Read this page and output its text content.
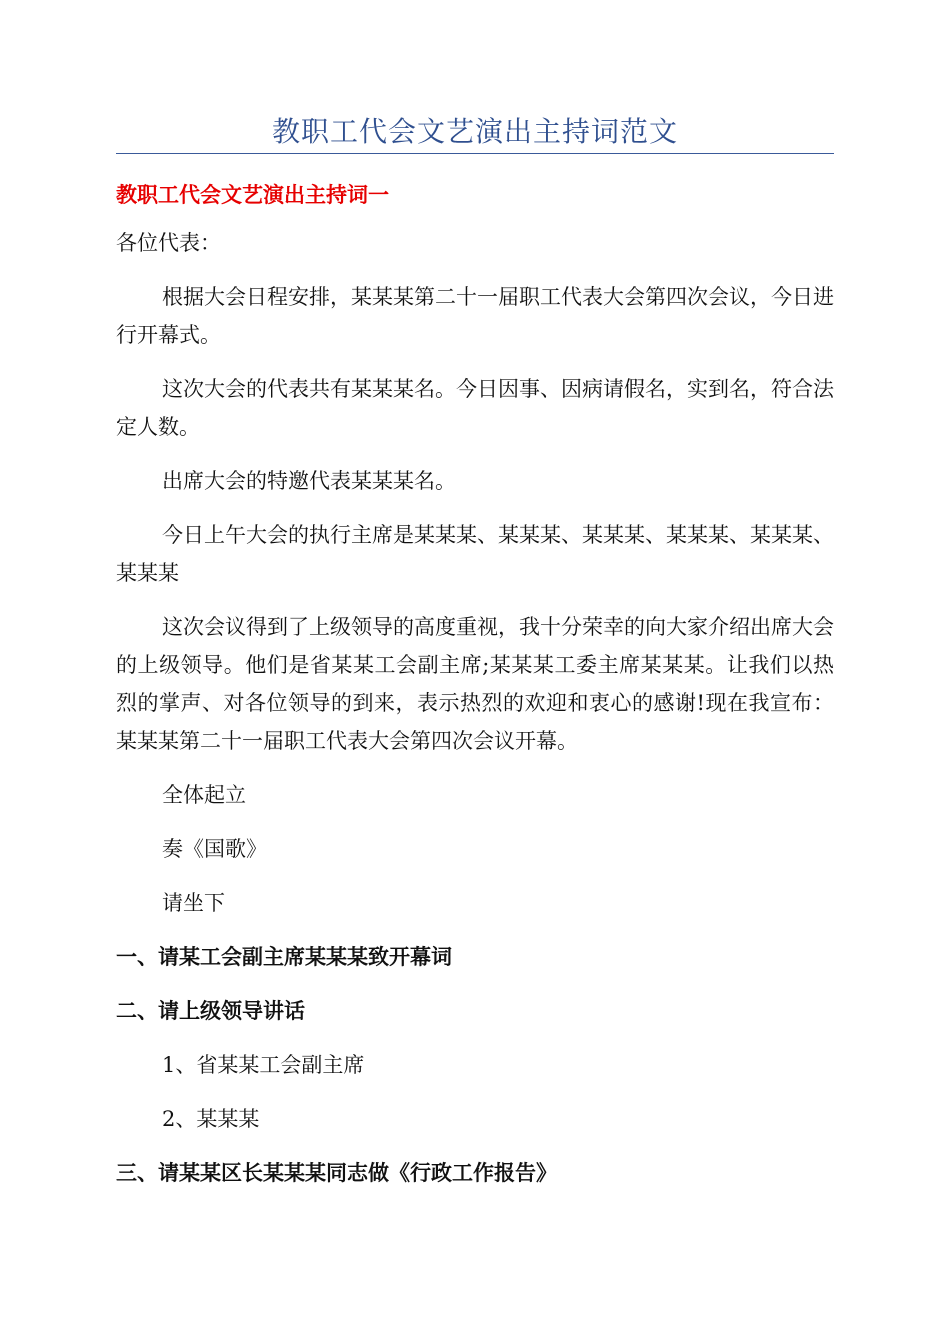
教职工代会文艺演出主持词范文
教职工代会文艺演出主持词一
各位代表：
根据大会日程安排，某某某第二十一届职工代表大会第四次会议，今日进行开幕式。
这次大会的代表共有某某某名。今日因事、因病请假名，实到名，符合法定人数。
出席大会的特邀代表某某某名。
今日上午大会的执行主席是某某某、某某某、某某某、某某某、某某某、某某某
这次会议得到了上级领导的高度重视，我十分荣幸的向大家介绍出席大会的上级领导。他们是省某某工会副主席;某某某工委主席某某某。让我们以热烈的掌声、对各位领导的到来，表示热烈的欢迎和衷心的感谢!现在我宣布：某某某第二十一届职工代表大会第四次会议开幕。
全体起立
奏《国歌》
请坐下
一、请某工会副主席某某某致开幕词
二、请上级领导讲话
1、省某某工会副主席
2、某某某
三、请某某区长某某某同志做《行政工作报告》
